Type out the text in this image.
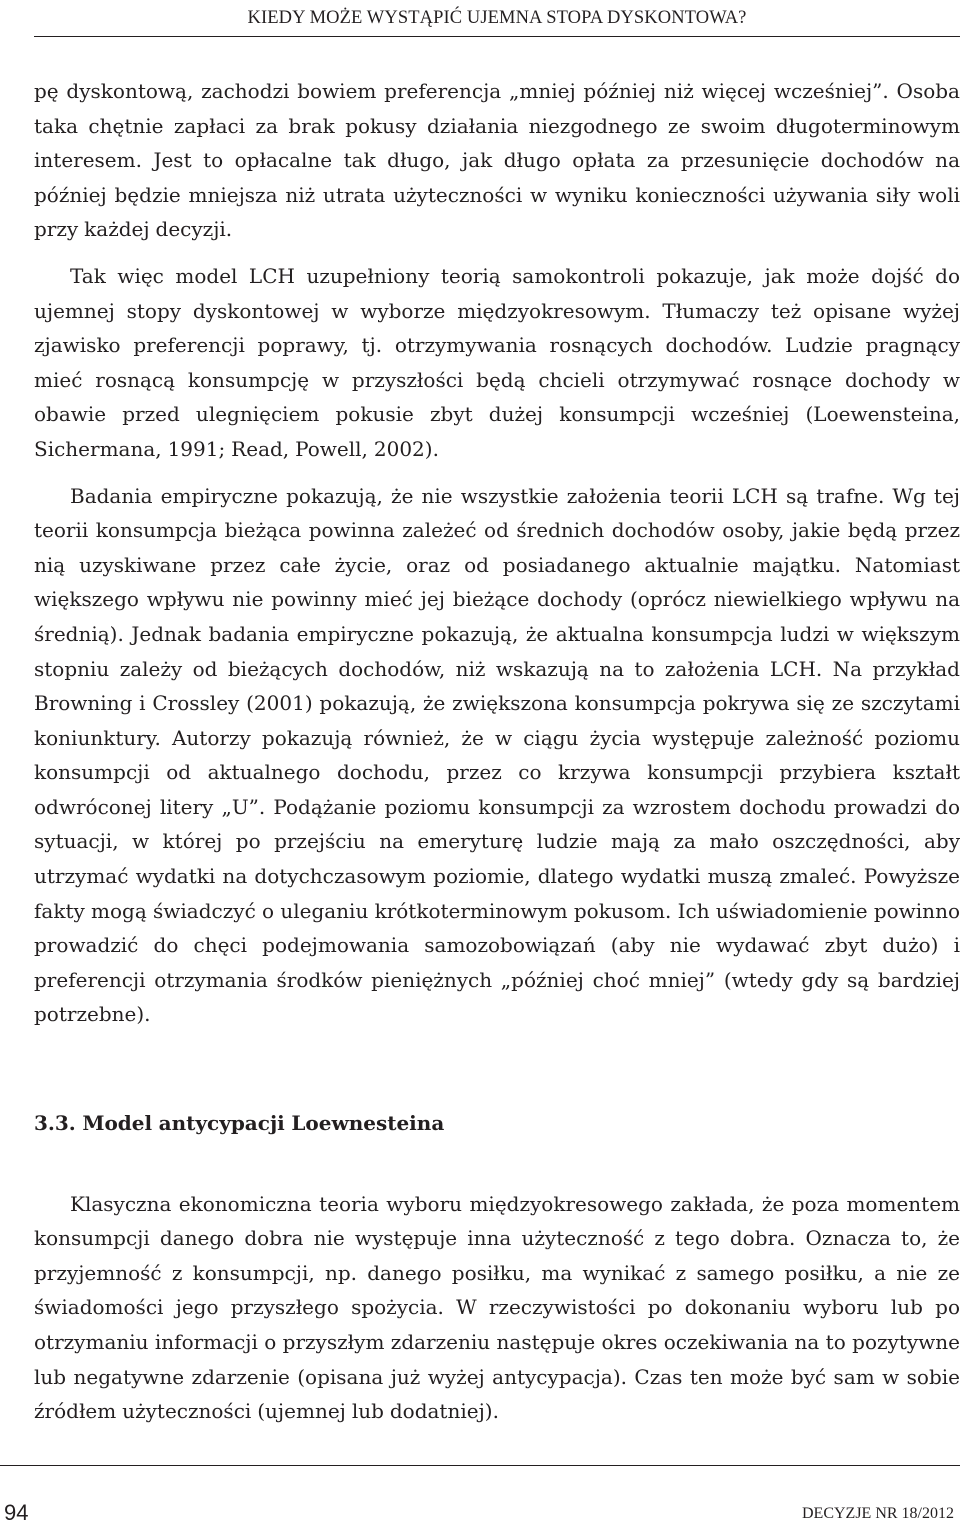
KIEDY MOŻE WYSTĄPIĆ UJEMNA STOPA DYSKONTOWA?

pę dyskontową, zachodzi bowiem preferencja „mniej później niż więcej wcześniej”. Osoba taka chętnie zapłaci za brak pokusy działania niezgodnego ze swoim długoterminowym interesem. Jest to opłacalne tak długo, jak długo opłata za przesunięcie dochodów na później będzie mniejsza niż utrata użyteczności w wyniku konieczności używania siły woli przy każdej decyzji.

Tak więc model LCH uzupełniony teorią samokontroli pokazuje, jak może dojść do ujemnej stopy dyskontowej w wyborze międzyokresowym. Tłumaczy też opisane wyżej zjawisko preferencji poprawy, tj. otrzymywania rosnących dochodów. Ludzie pragnący mieć rosnącą konsumpcję w przyszłości będą chcieli otrzymywać rosnące dochody w obawie przed ulegnięciem pokusie zbyt dużej konsumpcji wcześniej (Loewensteina, Sichermana, 1991; Read, Powell, 2002).

Badania empiryczne pokazują, że nie wszystkie założenia teorii LCH są trafne. Wg tej teorii konsumpcja bieżąca powinna zależeć od średnich dochodów osoby, jakie będą przez nią uzyskiwane przez całe życie, oraz od posiadanego aktualnie majątku. Natomiast większego wpływu nie powinny mieć jej bieżące dochody (oprócz niewielkiego wpływu na średnią). Jednak badania empiryczne pokazują, że aktualna konsumpcja ludzi w większym stopniu zależy od bieżących dochodów, niż wskazują na to założenia LCH. Na przykład Browning i Crossley (2001) pokazują, że zwiększona konsumpcja pokrywa się ze szczytami koniunktury. Autorzy pokazują również, że w ciągu życia występuje zależność poziomu konsumpcji od aktualnego dochodu, przez co krzywa konsumpcji przybiera kształt odwróconej litery „U”. Podążanie poziomu konsumpcji za wzrostem dochodu prowadzi do sytuacji, w której po przejściu na emeryturę ludzie mają za mało oszczędności, aby utrzymać wydatki na dotychczasowym poziomie, dlatego wydatki muszą zmaleć. Powyższe fakty mogą świadczyć o uleganiu krótkoterminowym pokusom. Ich uświadomienie powinno prowadzić do chęci podejmowania samozobowiązań (aby nie wydawać zbyt dużo) i preferencji otrzymania środków pieniężnych „później choć mniej” (wtedy gdy są bardziej potrzebne).

3.3. Model antycypacji Loewnesteina

Klasyczna ekonomiczna teoria wyboru międzyokresowego zakłada, że poza momentem konsumpcji danego dobra nie występuje inna użyteczność z tego dobra. Oznacza to, że przyjemność z konsumpcji, np. danego posiłku, ma wynikać z samego posiłku, a nie ze świadomości jego przyszłego spożycia. W rzeczywistości po dokonaniu wyboru lub po otrzymaniu informacji o przyszłym zdarzeniu następuje okres oczekiwania na to pozytywne lub negatywne zdarzenie (opisana już wyżej antycypacja). Czas ten może być sam w sobie źródłem użyteczności (ujemnej lub dodatniej).

94	DECYZJE NR 18/2012
